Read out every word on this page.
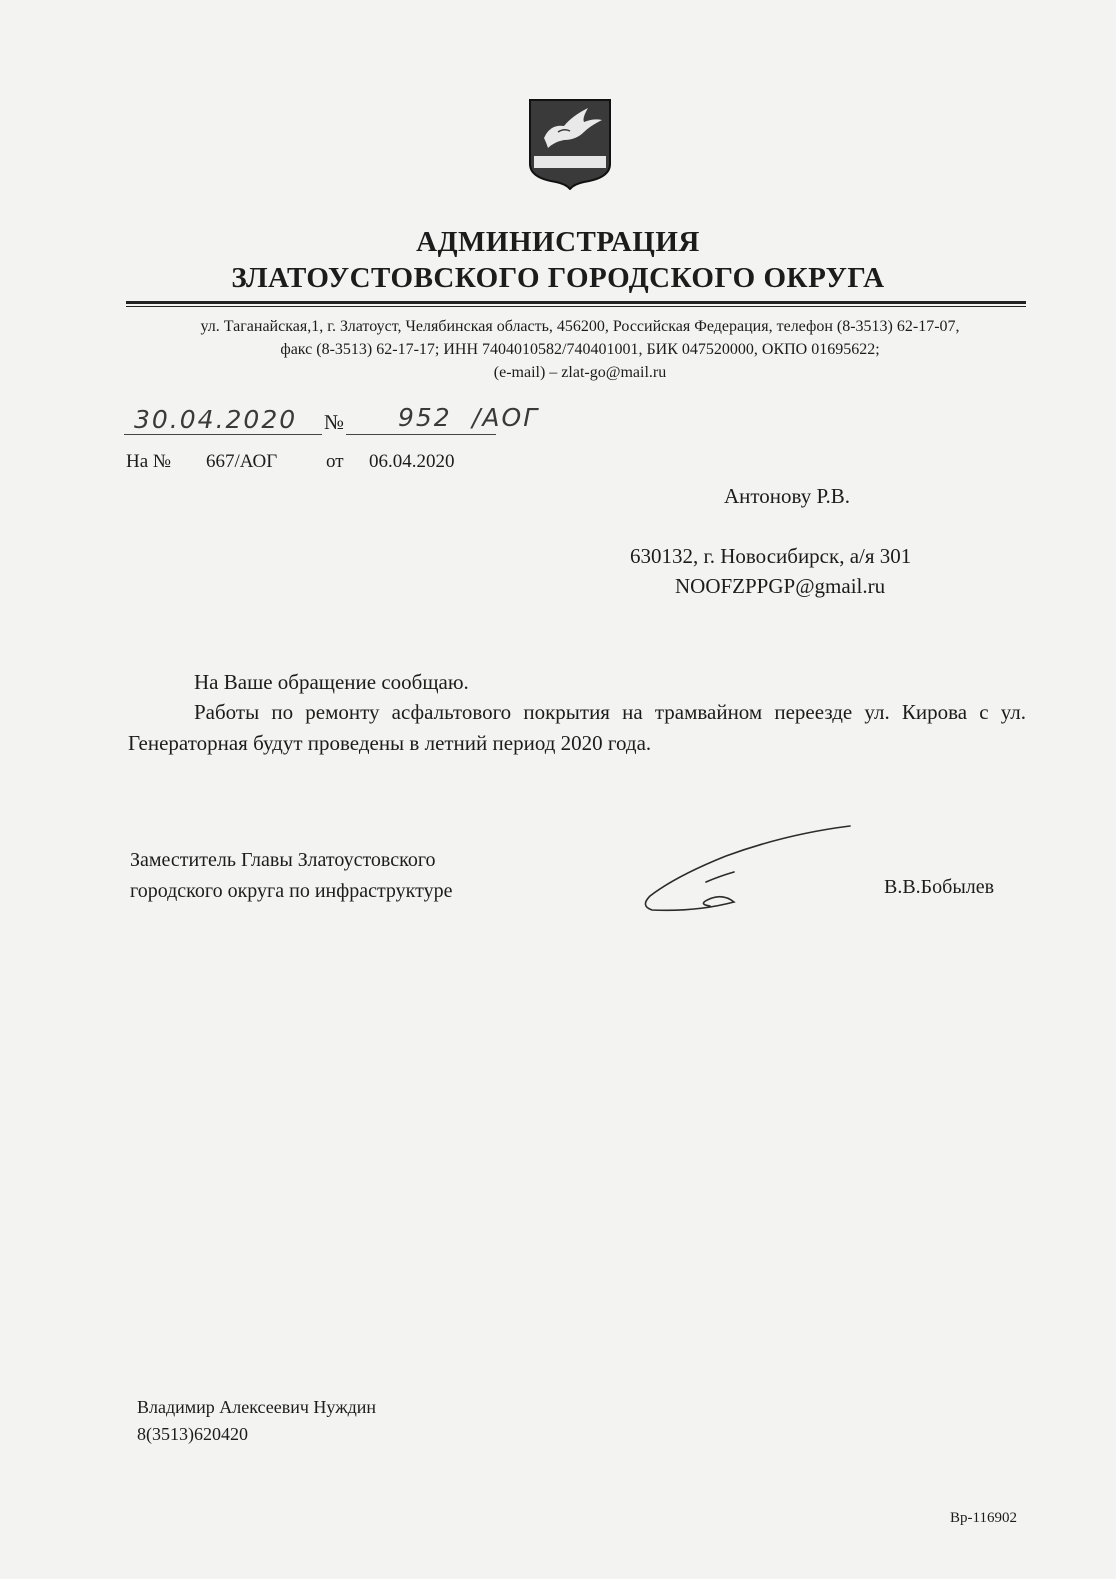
АДМИНИСТРАЦИЯ
ЗЛАТОУСТОВСКОГО ГОРОДСКОГО ОКРУГА
ул. Таганайская,1, г. Златоуст, Челябинская область, 456200, Российская Федерация, телефон (8-3513) 62-17-07,
факс (8-3513) 62-17-17; ИНН 7404010582/740401001, БИК 047520000, ОКПО 01695622;
(e-mail) – zlat-go@mail.ru
30.04.2020 № 952 /АОГ
На № 667/АОГ	от 06.04.2020
Антонову Р.В.
630132, г. Новосибирск, а/я 301
NOOFZPPGP@gmail.ru
На Ваше обращение сообщаю.
Работы по ремонту асфальтового покрытия на трамвайном переезде ул. Кирова с ул. Генераторная будут проведены в летний период 2020 года.
Заместитель Главы Златоустовского
городского округа по инфраструктуре	В.В.Бобылев
Владимир Алексеевич Нуждин
8(3513)620420
Вр-116902
